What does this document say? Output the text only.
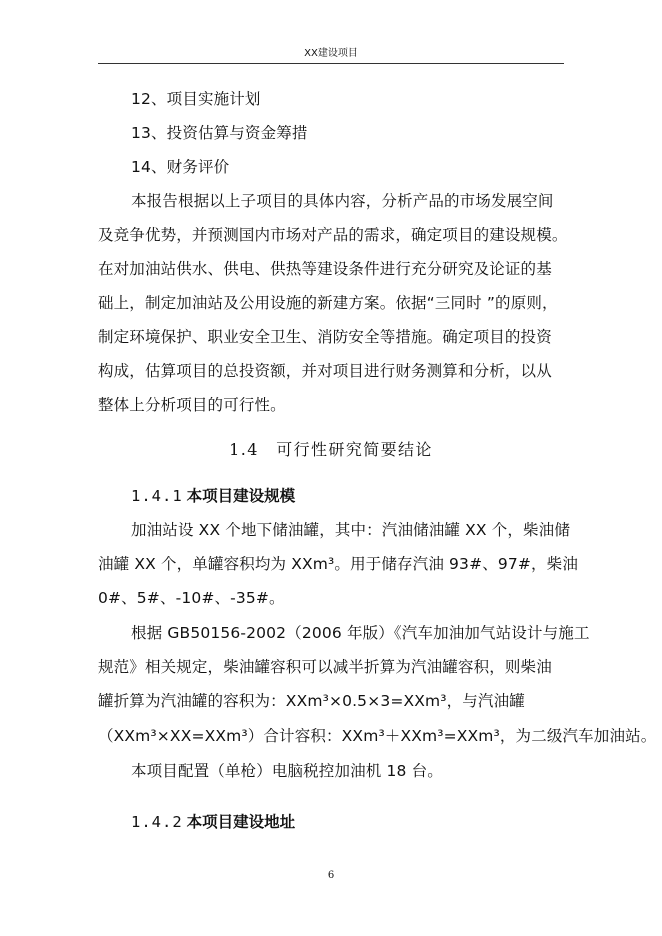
XX建设项目
12、项目实施计划
13、投资估算与资金筹措
14、财务评价
本报告根据以上子项目的具体内容，分析产品的市场发展空间
及竞争优势，并预测国内市场对产品的需求，确定项目的建设规模。
在对加油站供水、供电、供热等建设条件进行充分研究及论证的基
础上，制定加油站及公用设施的新建方案。依据“三同时 ”的原则，
制定环境保护、职业安全卫生、消防安全等措施。确定项目的投资
构成，估算项目的总投资额，并对项目进行财务测算和分析，以从
整体上分析项目的可行性。
1.4　可行性研究简要结论
1.4.1 本项目建设规模
加油站设 XX 个地下储油罐，其中：汽油储油罐 XX 个，柴油储
油罐 XX 个，单罐容积均为 XXm³。用于储存汽油 93#、97#，柴油
0#、5#、-10#、-35#。
根据 GB50156-2002（2006 年版）《汽车加油加气站设计与施工
规范》相关规定，柴油罐容积可以减半折算为汽油罐容积，则柴油
罐折算为汽油罐的容积为：XXm³×0.5×3=XXm³，与汽油罐
（XXm³×XX=XXm³）合计容积：XXm³＋XXm³=XXm³，为二级汽车加油站。
本项目配置（单枪）电脑税控加油机 18 台。
1.4.2 本项目建设地址
6
